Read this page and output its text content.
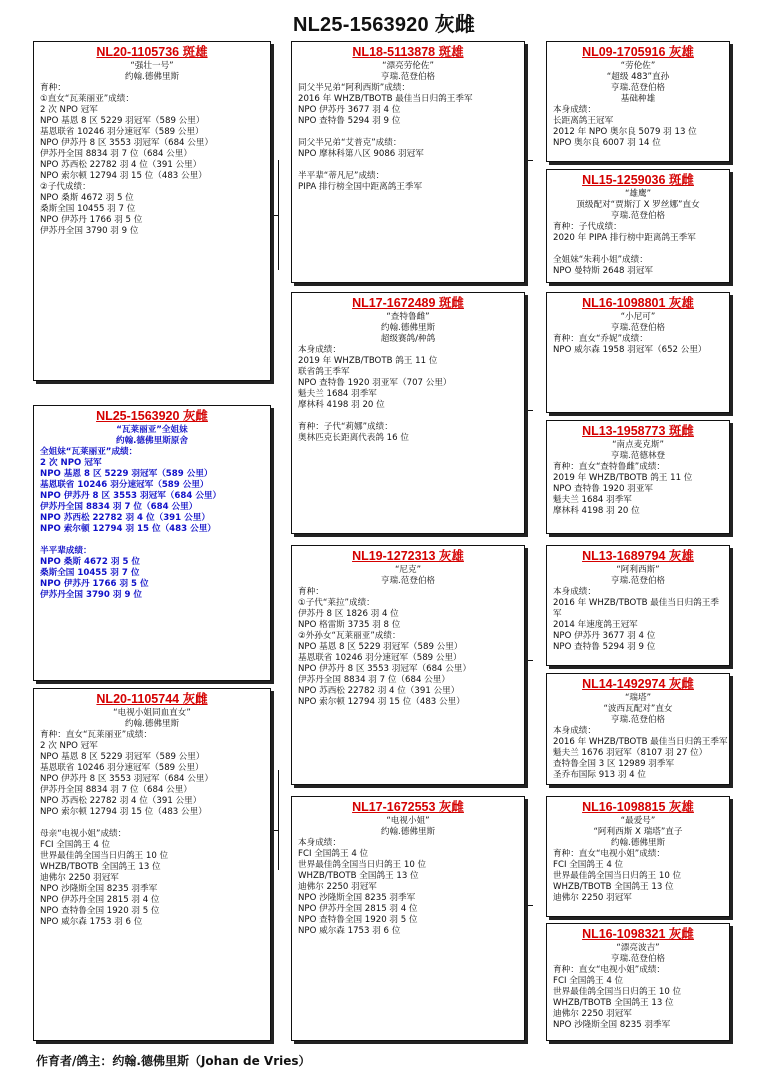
NL25-1563920 灰雌
NL20-1105736 斑雄
“强壮一号”
约翰.德佛里斯
育种：
①直女“瓦莱丽亚”成绩：
2 次 NPO 冠军
NPO 基恩 8 区 5229 羽冠军（589 公里）
基恩联省 10246 羽分速冠军（589 公里）
NPO 伊苏丹 8 区 3553 羽冠军（684 公里）
伊苏丹全国 8834 羽 7 位（684 公里）
NPO 苏西松 22782 羽 4 位（391 公里）
NPO 索尔顿 12794 羽 15 位（483 公里）
②子代成绩：
NPO 桑斯 4672 羽 5 位
桑斯全国 10455 羽 7 位
NPO 伊苏丹 1766 羽 5 位
伊苏丹全国 3790 羽 9 位
NL25-1563920 灰雌
“瓦莱丽亚”全姐妹
约翰.德佛里斯原舍
全姐妹“瓦莱丽亚”成绩：
2 次 NPO 冠军
NPO 基恩 8 区 5229 羽冠军（589 公里）
基恩联省 10246 羽分速冠军（589 公里）
NPO 伊苏丹 8 区 3553 羽冠军（684 公里）
伊苏丹全国 8834 羽 7 位（684 公里）
NPO 苏西松 22782 羽 4 位（391 公里）
NPO 索尔顿 12794 羽 15 位（483 公里）
半平辈成绩：
NPO 桑斯 4672 羽 5 位
桑斯全国 10455 羽 7 位
NPO 伊苏丹 1766 羽 5 位
伊苏丹全国 3790 羽 9 位
NL20-1105744 灰雌
“电视小姐同血直女”
约翰.德佛里斯
育种：直女“瓦莱丽亚”成绩：
2 次 NPO 冠军
NPO 基恩 8 区 5229 羽冠军（589 公里）
基恩联省 10246 羽分速冠军（589 公里）
NPO 伊苏丹 8 区 3553 羽冠军（684 公里）
伊苏丹全国 8834 羽 7 位（684 公里）
NPO 苏西松 22782 羽 4 位（391 公里）
NPO 索尔顿 12794 羽 15 位（483 公里）
母亲“电视小姐”成绩：
FCI 全国鸽王 4 位
世界最佳鸽全国当日归鸽王 10 位
WHZB/TBOTB 全国鸽王 13 位
迪佛尔 2250 羽冠军
NPO 沙隆斯全国 8235 羽季军
NPO 伊苏丹全国 2815 羽 4 位
NPO 查特鲁全国 1920 羽 5 位
NPO 威尔森 1753 羽 6 位
NL18-5113878 斑雄
“漂亮劳伦佐”
亨瑞.范登伯格
同父半兄弟“阿利西斯”成绩：
2016 年 WHZB/TBOTB 最佳当日归鸽王季军
NPO 伊苏丹 3677 羽 4 位
NPO 查特鲁 5294 羽 9 位
同父半兄弟“艾普克”成绩：
NPO 摩林科第八区 9086 羽冠军
半平辈“蒂凡尼”成绩：
PIPA 排行榜全国中距离鸽王季军
NL17-1672489 斑雌
“查特鲁雌”
约翰.德佛里斯
超级赛鸽/种鸽
本身成绩：
2019 年 WHZB/TBOTB 鸽王 11 位
联省鸽王季军
NPO 查特鲁 1920 羽亚军（707 公里）
魁夫兰 1684 羽季军
摩林科 4198 羽 20 位
育种：子代“莉娜”成绩：
奥林匹克长距离代表鸽 16 位
NL19-1272313 灰雄
“尼克”
亨瑞.范登伯格
育种：
①子代“莱拉”成绩：
伊苏丹 8 区 1826 羽 4 位
NPO 格雷斯 3735 羽 8 位
②外孙女“瓦莱丽亚”成绩：
NPO 基恩 8 区 5229 羽冠军（589 公里）
基恩联省 10246 羽分速冠军（589 公里）
NPO 伊苏丹 8 区 3553 羽冠军（684 公里）
伊苏丹全国 8834 羽 7 位（684 公里）
NPO 苏西松 22782 羽 4 位（391 公里）
NPO 索尔顿 12794 羽 15 位（483 公里）
NL17-1672553 灰雌
“电视小姐”
约翰.德佛里斯
本身成绩：
FCI 全国鸽王 4 位
世界最佳鸽全国当日归鸽王 10 位
WHZB/TBOTB 全国鸽王 13 位
迪佛尔 2250 羽冠军
NPO 沙隆斯全国 8235 羽季军
NPO 伊苏丹全国 2815 羽 4 位
NPO 查特鲁全国 1920 羽 5 位
NPO 威尔森 1753 羽 6 位
NL09-1705916 灰雄
“劳伦佐”
“超级 483”直孙
亨瑞.范登伯格
基础种雄
本身成绩：
长距离鸽王冠军
2012 年 NPO 奥尔良 5079 羽 13 位
NPO 奥尔良 6007 羽 14 位
NL15-1259036 斑雌
“雄鹰”
顶级配对“贾斯汀 X 罗丝娜”直女
亨瑞.范登伯格
育种：子代成绩：
2020 年 PIPA 排行榜中距离鸽王季军
全姐妹“朱莉小姐”成绩：
NPO 曼特斯 2648 羽冠军
NL16-1098801 灰雄
“小尼可”
亨瑞.范登伯格
育种：直女“乔妮”成绩：
NPO 威尔森 1958 羽冠军（652 公里）
NL13-1958773 斑雌
“南点麦克斯”
亨瑞.范德林登
育种：直女“查特鲁雌”成绩：
2019 年 WHZB/TBOTB 鸽王 11 位
NPO 查特鲁 1920 羽亚军
魁夫兰 1684 羽季军
摩林科 4198 羽 20 位
NL13-1689794 灰雄
“阿利西斯”
亨瑞.范登伯格
本身成绩：
2016 年 WHZB/TBOTB 最佳当日归鸽王季
军
2014 年速度鸽王冠军
NPO 伊苏丹 3677 羽 4 位
NPO 查特鲁 5294 羽 9 位
NL14-1492974 灰雌
“瑞塔”
“波西瓦配对”直女
亨瑞.范登伯格
本身成绩：
2016 年 WHZB/TBOTB 最佳当日归鸽王季军
魁夫兰 1676 羽冠军（8107 羽 27 位）
查特鲁全国 3 区 12989 羽季军
圣乔布国际 913 羽 4 位
NL16-1098815 灰雄
“最爱号”
“阿利西斯 X 瑞塔”直子
约翰.德佛里斯
育种：直女“电视小姐”成绩：
FCI 全国鸽王 4 位
世界最佳鸽全国当日归鸽王 10 位
WHZB/TBOTB 全国鸽王 13 位
迪佛尔 2250 羽冠军
NL16-1098321 灰雌
“漂亮波吉”
亨瑞.范登伯格
育种：直女“电视小姐”成绩：
FCI 全国鸽王 4 位
世界最佳鸽全国当日归鸽王 10 位
WHZB/TBOTB 全国鸽王 13 位
迪佛尔 2250 羽冠军
NPO 沙隆斯全国 8235 羽季军
作育者/鸽主：约翰.德佛里斯（Johan de Vries）
